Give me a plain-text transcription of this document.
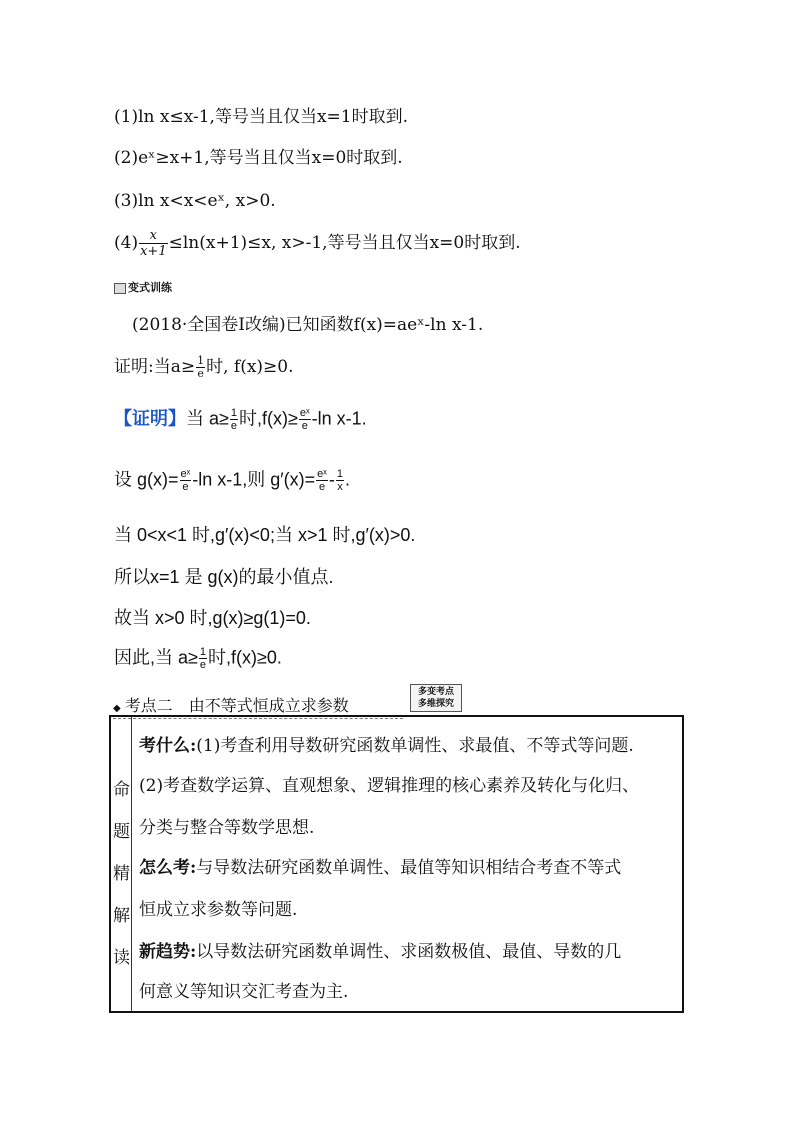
(1)ln x≤x-1,等号当且仅当x=1时取到.
(2)eˣ≥x+1,等号当且仅当x=0时取到.
(3)ln x<x<eˣ, x>0.
$(4) \frac{x}{x+1} \le\ln(x+1)\le x$, x>-1,等号当且仅当x=0时取到.
变式训练
(2018·全国卷Ⅰ改编)已知函数f(x)=aeˣ-ln x-1.
证明:当$a\ge \frac{1}{e}$ 时, f(x)≥0.
【证明】当 $a\ge \frac{1}{e}$ 时$,f(x)\ge \frac{\text{eˣ}}{e} -\ln$ x-1.
设 $g(x)= \frac{\text{eˣ}}{e} -\ln$ x-1,则 $g'(x)= \frac{\text{eˣ}}{e} - \frac{1}{x}$ .
当 0<x<1 时,g′(x)<0;当 x>1 时,g′(x)>0.
所以x=1 是 g(x)的最小值点.
故当 x>0 时,g(x)≥g(1)=0.
因此,当 $a\ge \frac{1}{e}$ 时,f(x)≥0.
◆ 考点二　由不等式恒成立求参数
多变考点
多维探究
命
题
精
解
读
考什么:(1)考查利用导数研究函数单调性、求最值、不等式等问题.
(2)考查数学运算、直观想象、逻辑推理的核心素养及转化与化归、
分类与整合等数学思想.
怎么考:与导数法研究函数单调性、最值等知识相结合考查不等式
恒成立求参数等问题.
新趋势:以导数法研究函数单调性、求函数极值、最值、导数的几
何意义等知识交汇考查为主.
